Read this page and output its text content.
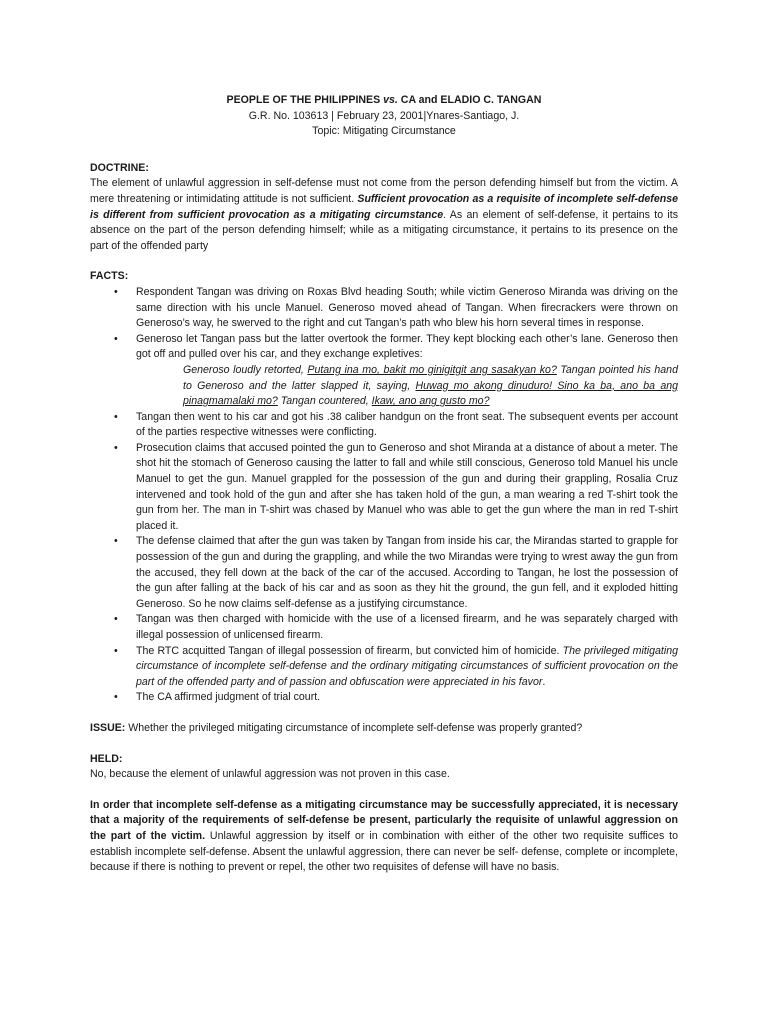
PEOPLE OF THE PHILIPPINES vs. CA and ELADIO C. TANGAN
G.R. No. 103613 | February 23, 2001|Ynares-Santiago, J.
Topic: Mitigating Circumstance
DOCTRINE:

The element of unlawful aggression in self-defense must not come from the person defending himself but from the victim. A mere threatening or intimidating attitude is not sufficient. Sufficient provocation as a requisite of incomplete self-defense is different from sufficient provocation as a mitigating circumstance. As an element of self-defense, it pertains to its absence on the part of the person defending himself; while as a mitigating circumstance, it pertains to its presence on the part of the offended party

FACTS:
• Respondent Tangan was driving on Roxas Blvd heading South; while victim Generoso Miranda was driving on the same direction with his uncle Manuel. Generoso moved ahead of Tangan. When firecrackers were thrown on Generoso’s way, he swerved to the right and cut Tangan’s path who blew his horn several times in response.
• Generoso let Tangan pass but the latter overtook the former. They kept blocking each other’s lane. Generoso then got off and pulled over his car, and they exchange expletives:
Generoso loudly retorted, Putang ina mo, bakit mo ginigitgit ang sasakyan ko? Tangan pointed his hand to Generoso and the latter slapped it, saying, Huwag mo akong dinuduro! Sino ka ba, ano ba ang pinagmamalaki mo? Tangan countered, Ikaw, ano ang gusto mo?
• Tangan then went to his car and got his .38 caliber handgun on the front seat. The subsequent events per account of the parties respective witnesses were conflicting.
• Prosecution claims that accused pointed the gun to Generoso and shot Miranda at a distance of about a meter. The shot hit the stomach of Generoso causing the latter to fall and while still conscious, Generoso told Manuel his uncle Manuel to get the gun. Manuel grappled for the possession of the gun and during their grappling, Rosalia Cruz intervened and took hold of the gun and after she has taken hold of the gun, a man wearing a red T-shirt took the gun from her. The man in T-shirt was chased by Manuel who was able to get the gun where the man in red T-shirt placed it.
• The defense claimed that after the gun was taken by Tangan from inside his car, the Mirandas started to grapple for possession of the gun and during the grappling, and while the two Mirandas were trying to wrest away the gun from the accused, they fell down at the back of the car of the accused. According to Tangan, he lost the possession of the gun after falling at the back of his car and as soon as they hit the ground, the gun fell, and it exploded hitting Generoso. So he now claims self-defense as a justifying circumstance.
• Tangan was then charged with homicide with the use of a licensed firearm, and he was separately charged with illegal possession of unlicensed firearm.
• The RTC acquitted Tangan of illegal possession of firearm, but convicted him of homicide. The privileged mitigating circumstance of incomplete self-defense and the ordinary mitigating circumstances of sufficient provocation on the part of the offended party and of passion and obfuscation were appreciated in his favor.
• The CA affirmed judgment of trial court.

ISSUE: Whether the privileged mitigating circumstance of incomplete self-defense was properly granted?

HELD:

No, because the element of unlawful aggression was not proven in this case.

In order that incomplete self-defense as a mitigating circumstance may be successfully appreciated, it is necessary that a majority of the requirements of self-defense be present, particularly the requisite of unlawful aggression on the part of the victim. Unlawful aggression by itself or in combination with either of the other two requisite suffices to establish incomplete self-defense. Absent the unlawful aggression, there can never be self- defense, complete or incomplete, because if there is nothing to prevent or repel, the other two requisites of defense will have no basis.
